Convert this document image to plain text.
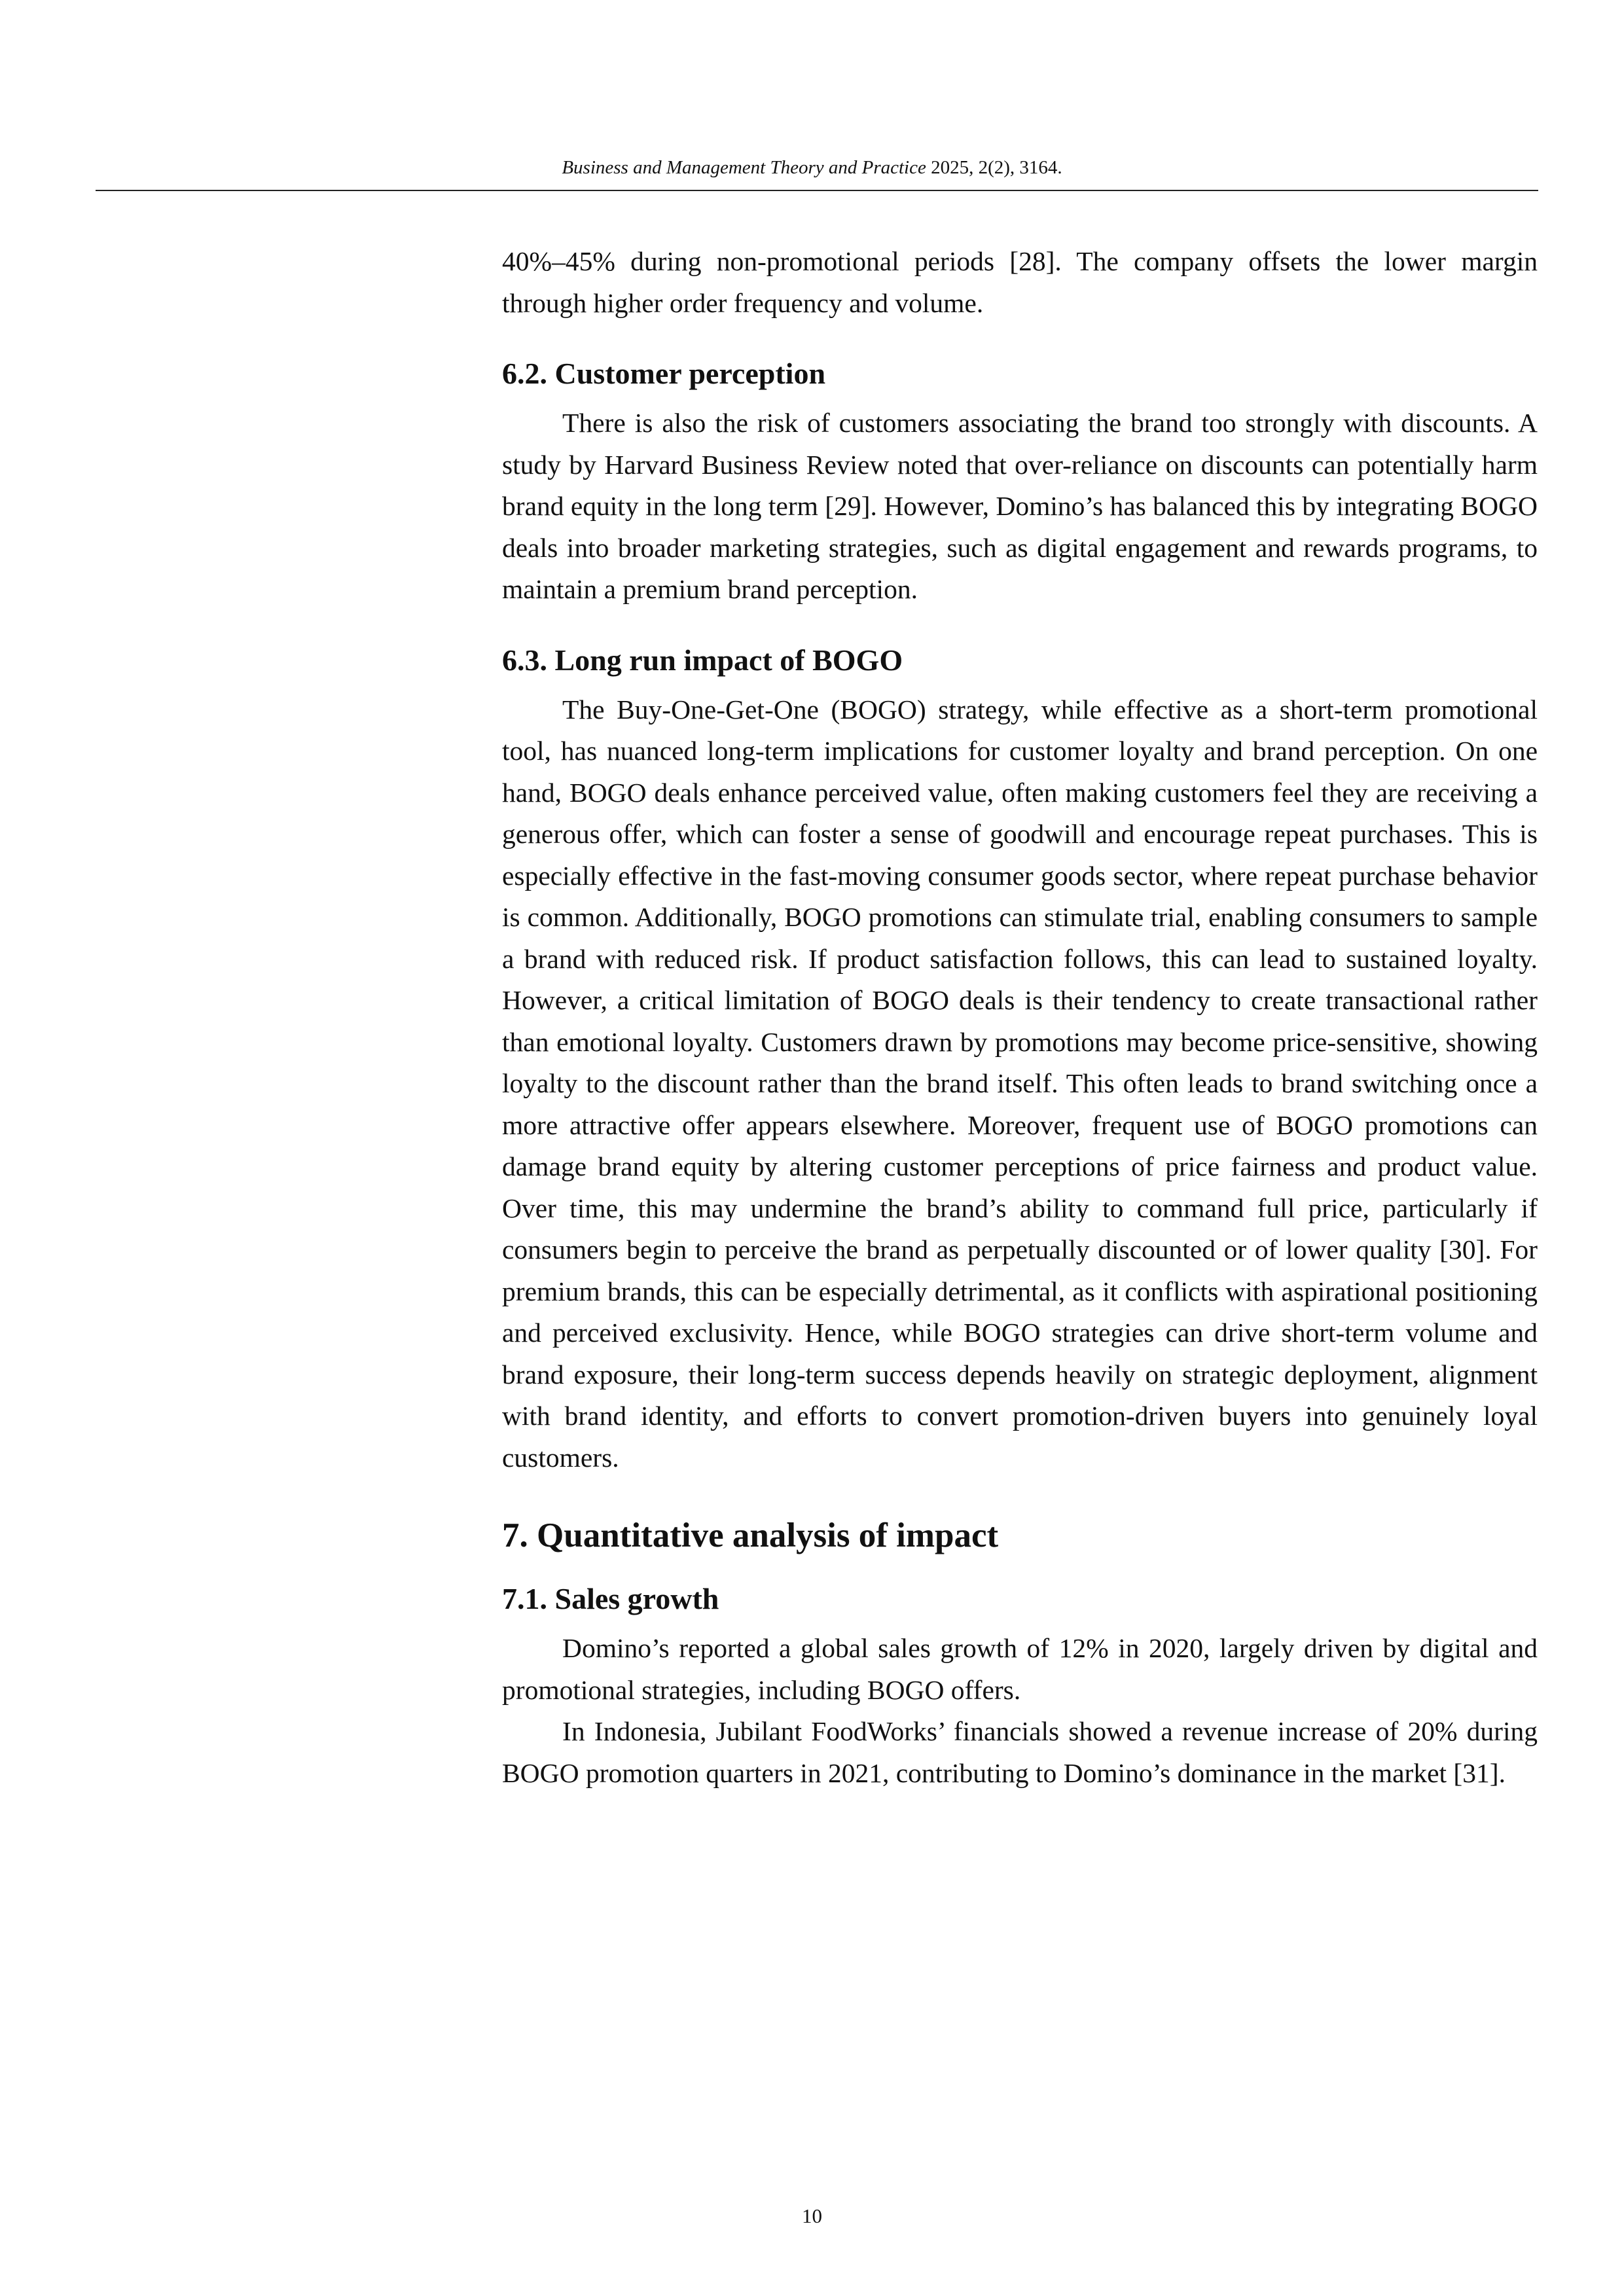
Business and Management Theory and Practice 2025, 2(2), 3164.

40%–45% during non-promotional periods [28]. The company offsets the lower margin through higher order frequency and volume.

6.2. Customer perception

There is also the risk of customers associating the brand too strongly with discounts. A study by Harvard Business Review noted that over-reliance on discounts can potentially harm brand equity in the long term [29]. However, Domino’s has balanced this by integrating BOGO deals into broader marketing strategies, such as digital engagement and rewards programs, to maintain a premium brand perception.

6.3. Long run impact of BOGO

The Buy-One-Get-One (BOGO) strategy, while effective as a short-term promotional tool, has nuanced long-term implications for customer loyalty and brand perception. On one hand, BOGO deals enhance perceived value, often making customers feel they are receiving a generous offer, which can foster a sense of goodwill and encourage repeat purchases. This is especially effective in the fast-moving consumer goods sector, where repeat purchase behavior is common. Additionally, BOGO promotions can stimulate trial, enabling consumers to sample a brand with reduced risk. If product satisfaction follows, this can lead to sustained loyalty. However, a critical limitation of BOGO deals is their tendency to create transactional rather than emotional loyalty. Customers drawn by promotions may become price-sensitive, showing loyalty to the discount rather than the brand itself. This often leads to brand switching once a more attractive offer appears elsewhere. Moreover, frequent use of BOGO promotions can damage brand equity by altering customer perceptions of price fairness and product value. Over time, this may undermine the brand’s ability to command full price, particularly if consumers begin to perceive the brand as perpetually discounted or of lower quality [30]. For premium brands, this can be especially detrimental, as it conflicts with aspirational positioning and perceived exclusivity. Hence, while BOGO strategies can drive short-term volume and brand exposure, their long-term success depends heavily on strategic deployment, alignment with brand identity, and efforts to convert promotion-driven buyers into genuinely loyal customers.

7. Quantitative analysis of impact
7.1. Sales growth

Domino’s reported a global sales growth of 12% in 2020, largely driven by digital and promotional strategies, including BOGO offers.

In Indonesia, Jubilant FoodWorks’ financials showed a revenue increase of 20% during BOGO promotion quarters in 2021, contributing to Domino’s dominance in the market [31].

10
